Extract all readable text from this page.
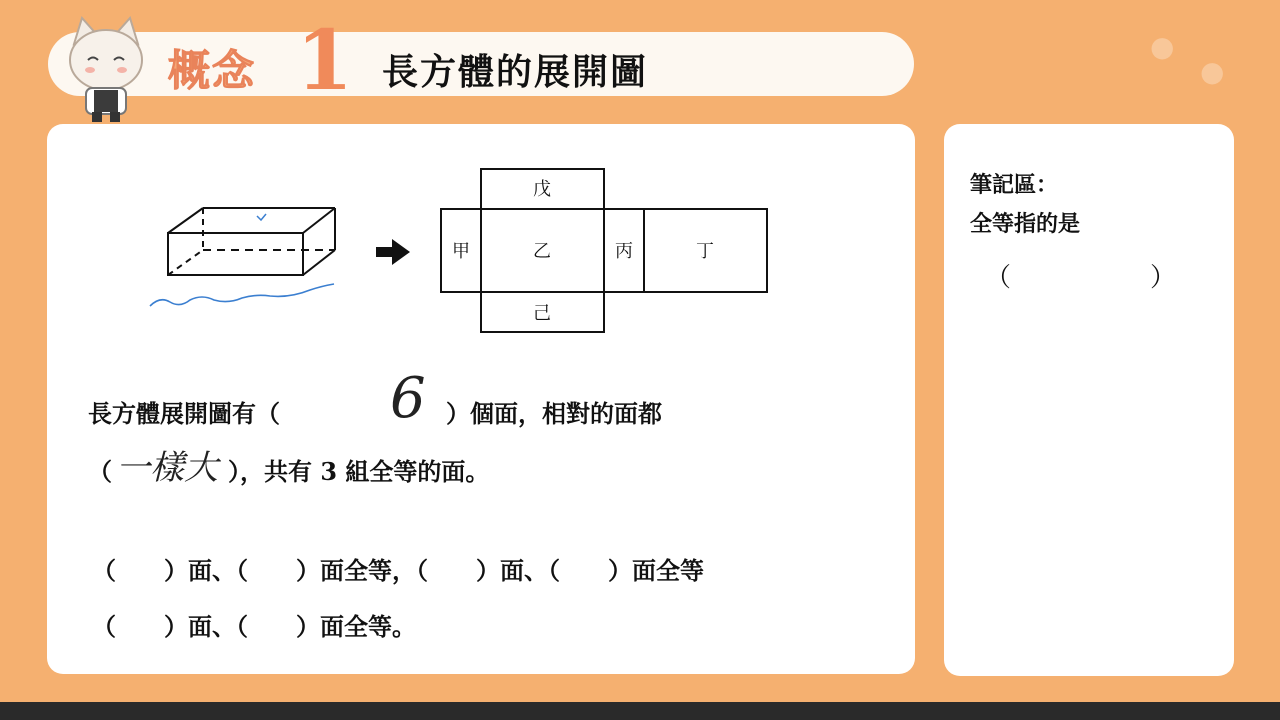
●
●
概念 1 長方體的展開圖
戊
甲	乙	丙	丁
己
長方體展開圖有（ 6 ）個面，相對的面都
（ 一樣大 ），共有 3 組全等的面。
（　　）面、（　　）面全等，（　　）面、（　　）面全等
（　　）面、（　　）面全等。
筆記區：
全等指的是
（	）
